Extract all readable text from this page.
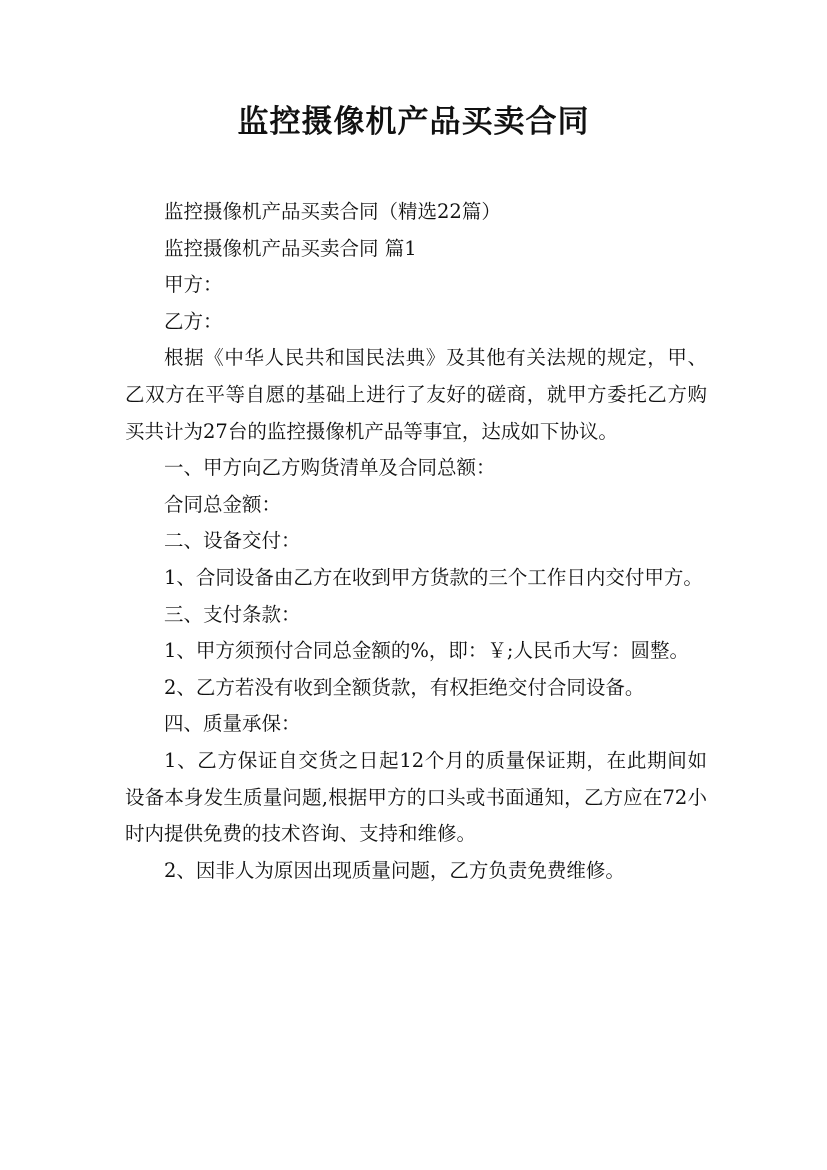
监控摄像机产品买卖合同

监控摄像机产品买卖合同（精选22篇）

监控摄像机产品买卖合同 篇1

甲方：

乙方：

根据《中华人民共和国民法典》及其他有关法规的规定，甲、乙双方在平等自愿的基础上进行了友好的磋商，就甲方委托乙方购买共计为27台的监控摄像机产品等事宜，达成如下协议。

一、甲方向乙方购货清单及合同总额：

合同总金额：

二、设备交付：

1、合同设备由乙方在收到甲方货款的三个工作日内交付甲方。

三、支付条款：

1、甲方须预付合同总金额的%，即：￥;人民币大写：圆整。

2、乙方若没有收到全额货款，有权拒绝交付合同设备。

四、质量承保：

1、乙方保证自交货之日起12个月的质量保证期，在此期间如设备本身发生质量问题,根据甲方的口头或书面通知，乙方应在72小时内提供免费的技术咨询、支持和维修。

2、因非人为原因出现质量问题，乙方负责免费维修。
